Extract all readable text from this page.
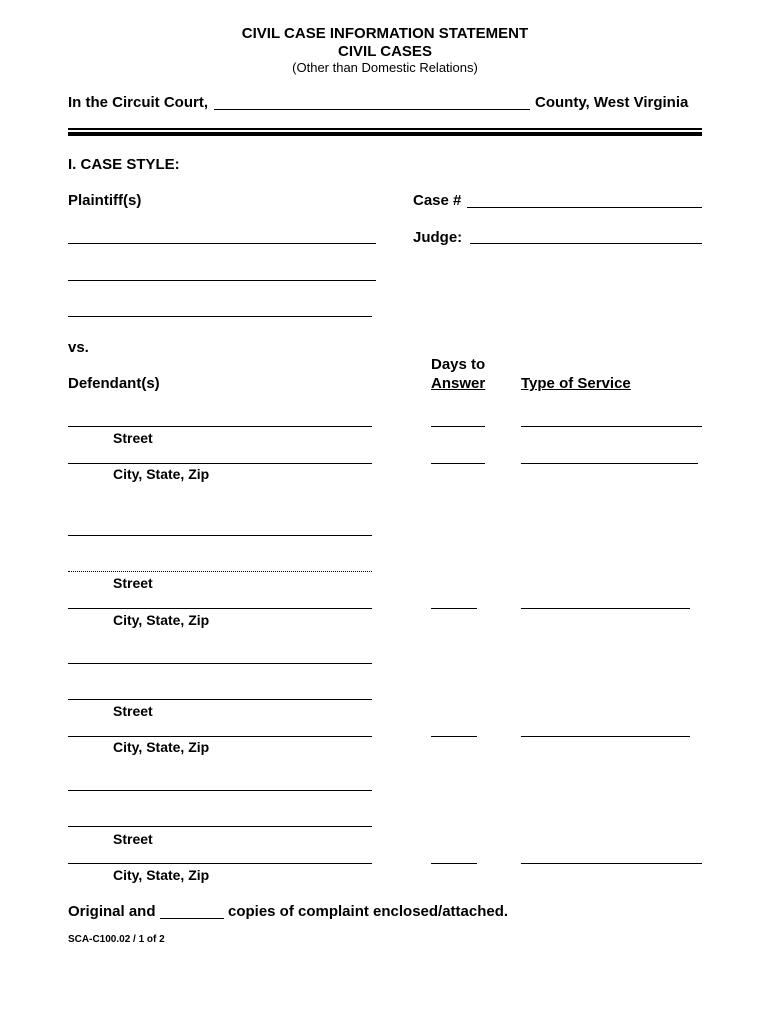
CIVIL CASE INFORMATION STATEMENT
CIVIL CASES
(Other than Domestic Relations)
In the Circuit Court,	County, West Virginia
I. CASE STYLE:
Plaintiff(s)	Case #
Judge:
vs.
Days to
Answer
Defendant(s)	Type of Service
Street
City, State, Zip
Street
City, State, Zip
Street
City, State, Zip
Street
City, State, Zip
Original and	copies of complaint enclosed/attached.
SCA-C100.02 / 1 of 2
